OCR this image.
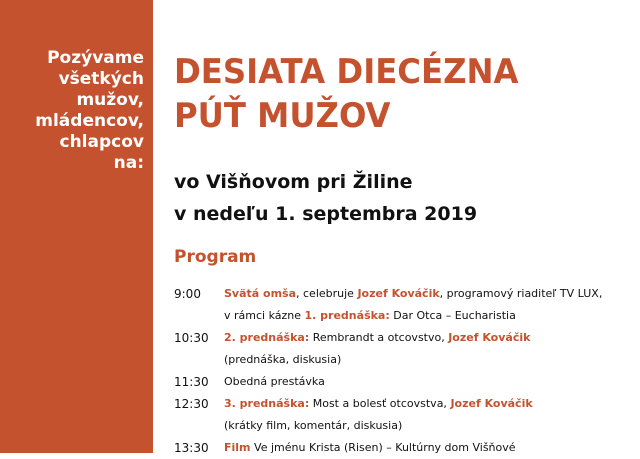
Pozývame
všetkých
mužov,
mládencov,
chlapcov
na:
DESIATA DIECÉZNA
PÚŤ MUŽOV
vo Višňovom pri Žiline
v nedeľu 1. septembra 2019
Program
9:00	Svätá omša, celebruje Jozef Kováčik, programový riaditeľ TV LUX,
v rámci kázne 1. prednáška: Dar Otca – Eucharistia
10:30	2. prednáška: Rembrandt a otcovstvo, Jozef Kováčik
(prednáška, diskusia)
11:30	Obedná prestávka
12:30	3. prednáška: Most a bolesť otcovstva, Jozef Kováčik
(krátky film, komentár, diskusia)
13:30	Film Ve jménu Krista (Risen) – Kultúrny dom Višňové
